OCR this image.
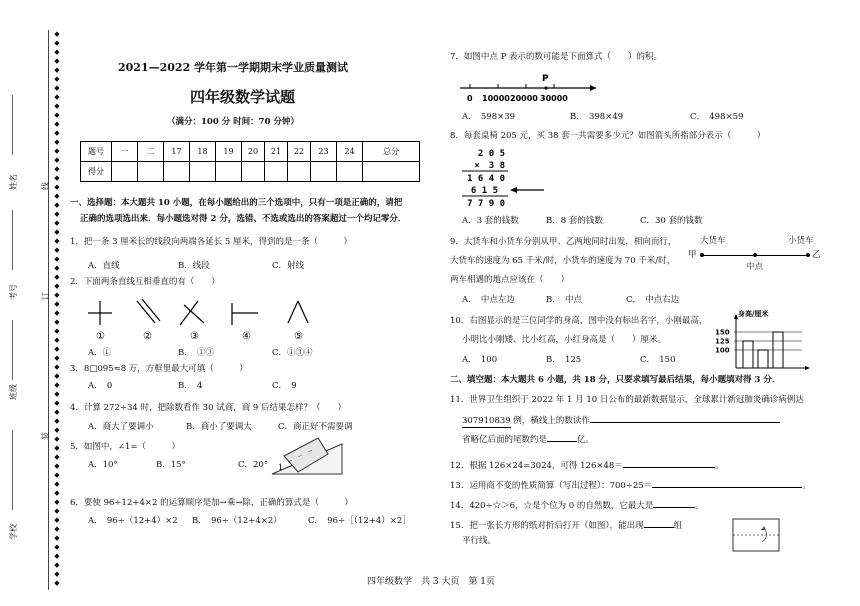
姓名	线
考号	订
班级
装
学校
◆ ◆ ◆ ◆ ◆ ◆ ◆ ◆ ◆ ◆ ◆ ◆ ◆ ◆ ◆ ◆ ◆ ◆ ◆ ◆ ◆ ◆ ◆ ◆ ◆ ◆ ◆ ◆ ◆ ◆ ◆ ◆ ◆ ◆ ◆ ◆ ◆ ◆ ◆ ◆ ◆ ◆ ◆ ◆ ◆ ◆ ◆ ◆ ◆ ◆ ◆ ◆ ◆ ◆ ◆ ◆ ◆ ◆ ◆ ◆ ◆ ◆
2021—2022 学年第一学期期末学业质量测试
四年级数学试题
（满分：100 分 时间：70 分钟）
题号	一	二	17	18	19	20	21	22	23	24	总分
得分											
一、选择题：本大题共 10 小题，在每小题给出的三个选项中，只有一项是正确的，请把
正确的选项选出来．每小题选对得 2 分，选错、不选或选出的答案超过一个均记零分．
1．把一条 3 厘米长的线段向两端各延长 5 厘米，得到的是一条（　　　）
A．直线	B．线段	C．射线
2．下面两条直线互相垂直的有（　　）
①	②	③	④	⑤
A．①	B．　①③	C．①③④
3．8□095≈8 万，方框里最大可填（　　　）
A．　0	B．　4	C．　9
4．计算 272÷34 时，把除数看作 30 试商，商 9 后结果怎样？（　　）
A．商大了要调小	B．商小了要调大	C．商正好不需要调
5．如图中，∠1=（　　　）
A．10°	B．15°	C．20° 1
6．要使 96÷12+4×2 的运算顺序是加→乘→除，正确的算式是（　　　）
A．　96÷（12+4）×2 B．　96÷（12+4×2）	C．　96÷［（12+4）×2］
7．如图中点 P 表示的数可能是下面算式（　　）的积。
P
0 10000 20000 30000
A．　598×39	B．　398×49	C．　498×59
8．每套桌椅 205 元，买 38 套一共需要多少元？如图箭头所指部分表示（　　　）
2 0 5
×　3 8
1 6 4 0
6 1 5
7 7 9 0
A．3 套的钱数	B．8 套的钱数	C．30 套的钱数
9．大货车和小货车分别从甲、乙两地同时出发，相向而行，
大货车的速度为 65 千米/时，小货车的速度为 70 千米/时，
两车相遇的地点应该在（　　）
大货车	小货车
甲	乙
中点
A．　中点左边	B．　中点	C．　中点右边
10．右图显示的是三位同学的身高，图中没有标出名字，小刚最高，
小明比小刚矮、比小红高，小红身高是（　　）厘米。
A．　100	B．　125	C．　150
身高/厘米
150
125
100
二、填空题：本大题共 6 小题，共 18 分，只要求填写最后结果，每小题填对得 3 分．
11．世界卫生组织于 2022 年 1 月 10 日公布的最新数据显示，全球累计新冠肺炎确诊病例达
307910839 例，横线上的数读作
省略亿后面的尾数约是	亿。
12．根据 126×24=3024，可得 126×48＝	。
13．运用商不变的性质简算（写出过程）：700÷25＝	。
14．420÷☆＞6，☆是个位为 0 的自然数，它最大是	。
15．把一张长方形的纸对折后打开（如图），能出现	组
平行线。
四年级数学　共 3 大页　第 1页
